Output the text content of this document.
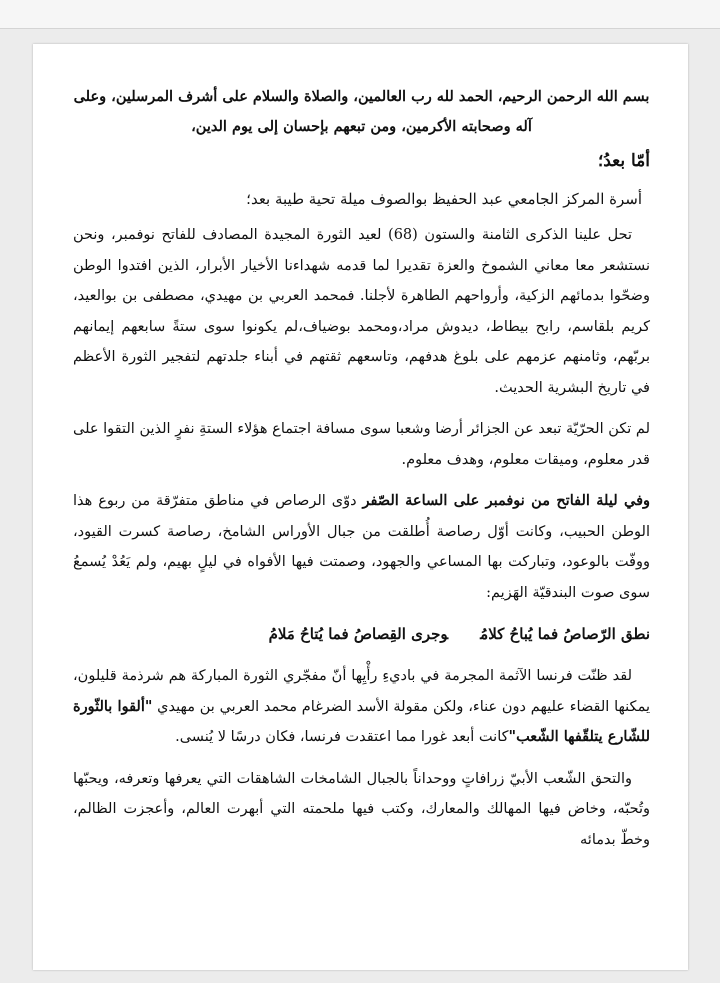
بسم الله الرحمن الرحيم، الحمد لله رب العالمين، والصلاة والسلام على أشرف المرسلين، وعلى آله وصحابته الأكرمين، ومن تبعهم بإحسان إلى يوم الدين،

أمّا بعدُ؛

أسرة المركز الجامعي عبد الحفيظ بوالصوف ميلة تحية طيبة بعد؛

تحل علينا الذكرى الثامنة والستون (68) لعيد الثورة المجيدة المصادف للفاتح نوفمبر، ونحن نستشعر معا معاني الشموخ والعزة تقديرا لما قدمه شهداءنا الأخيار الأبرار، الذين افتدوا الوطن وضحّوا بدمائهم الزكية، وأرواحهم الطاهرة لأجلنا. فمحمد العربي بن مهيدي، مصطفى بن بوالعيد، كريم بلقاسم، رابح بيطاط، ديدوش مراد،ومحمد بوضياف،لم يكونوا سوى ستةً سابعهم إيمانهم بربّهم، وثامنهم عزمهم على بلوغ هدفهم، وتاسعهم ثقتهم في أبناء جلدتهم لتفجير الثورة الأعظم في تاريخ البشرية الحديث.

لم تكن الحرّيّة تبعد عن الجزائر أرضا وشعبا سوى مسافة اجتماع هؤلاء الستةِ نفرٍ الذين التقوا على قدر معلوم، وميقات معلوم، وهدف معلوم.

وفي ليلة الفاتح من نوفمبر على الساعة الصّفر دوّى الرصاص في مناطق متفرّقة من ربوع هذا الوطن الحبيب، وكانت أوّل رصاصة أُطلقت من جبال الأوراس الشامخ، رصاصة كسرت القيود، ووفّت بالوعود، وتباركت بها المساعي والجهود، وصمتت فيها الأفواه في ليلٍ بهيم، ولم يَعُدْ يُسمعُ سوى صوت البندقيّة الهَزيم:

نطق الرّصاصُ فما يُباحُ كلامُوجرى القِصاصُ فما يُتاحُ مَلامُ

لقد ظنّت فرنسا الآثمة المجرمة في باديءِ رأْيِها أنّ مفجّري الثورة المباركة هم شرذمة قليلون، يمكنها القضاء عليهم دون عناء، ولكن مقولة الأسد الضرغام محمد العربي بن مهيدي "ألقوا بالثّورة للشّارع يتلقّفها الشّعب"كانت أبعد غورا مما اعتقدت فرنسا، فكان درسًا لا يُنسى.

والتحق الشّعب الأبيّ زرافاتٍ ووحداناً بالجبال الشامخات الشاهقات التي يعرفها وتعرفه، ويحبّها وتُحبّه، وخاض فيها المهالك والمعارك، وكتب فيها ملحمته التي أبهرت العالم، وأعجزت الظالم، وخطّ بدمائه
